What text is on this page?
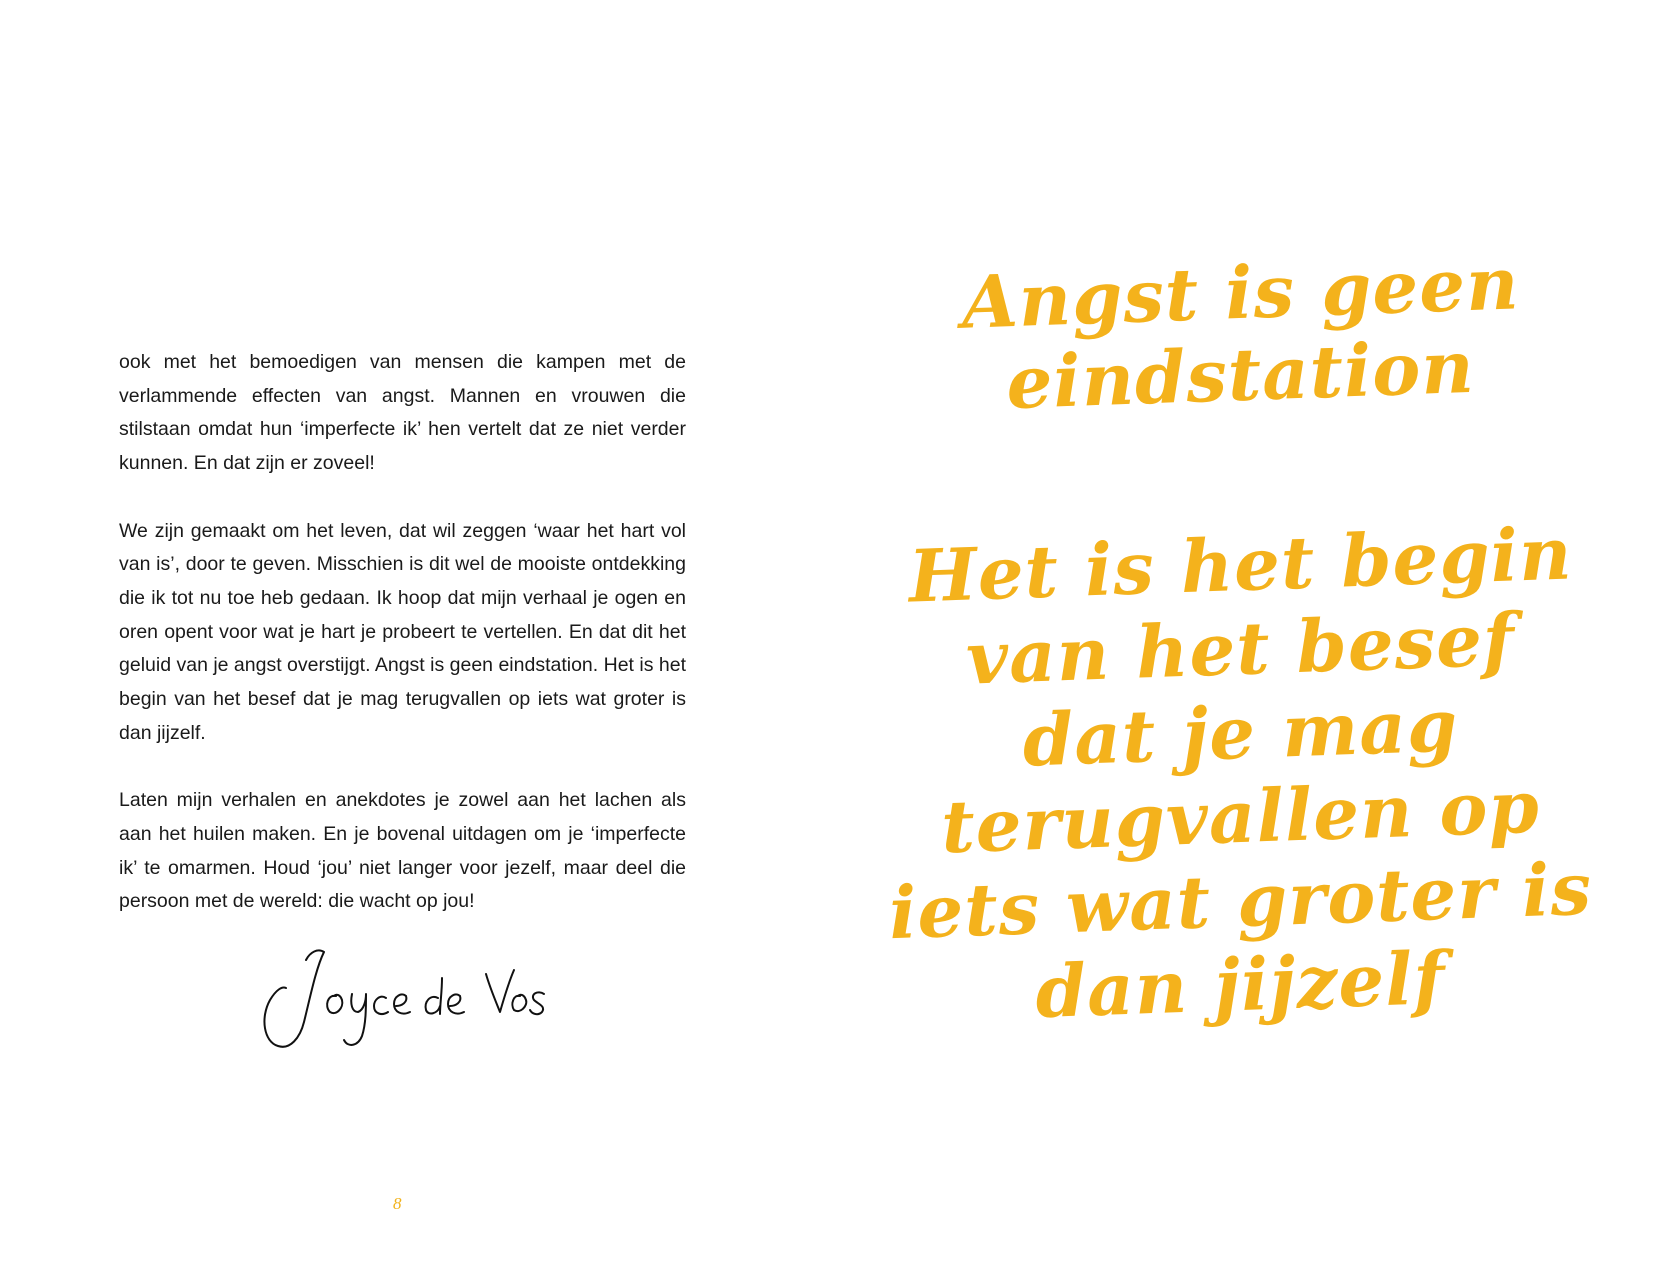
ook met het bemoedigen van mensen die kampen met de verlammende effecten van angst. Mannen en vrouwen die stilstaan omdat hun ‘imperfecte ik’ hen vertelt dat ze niet verder kunnen. En dat zijn er zoveel!

We zijn gemaakt om het leven, dat wil zeggen ‘waar het hart vol van is’, door te geven. Misschien is dit wel de mooiste ontdekking die ik tot nu toe heb gedaan. Ik hoop dat mijn verhaal je ogen en oren opent voor wat je hart je probeert te vertellen. En dat dit het geluid van je angst overstijgt. Angst is geen eindstation. Het is het begin van het besef dat je mag terugvallen op iets wat groter is dan jijzelf.

Laten mijn verhalen en anekdotes je zowel aan het lachen als aan het huilen maken. En je bovenal uitdagen om je ‘imperfecte ik’ te omarmen. Houd ‘jou’ niet langer voor jezelf, maar deel die persoon met de wereld: die wacht op jou!

8
Angst is geen
eindstation
Het is het begin
van het besef
dat je mag
terugvallen op
iets wat groter is
dan jijzelf
